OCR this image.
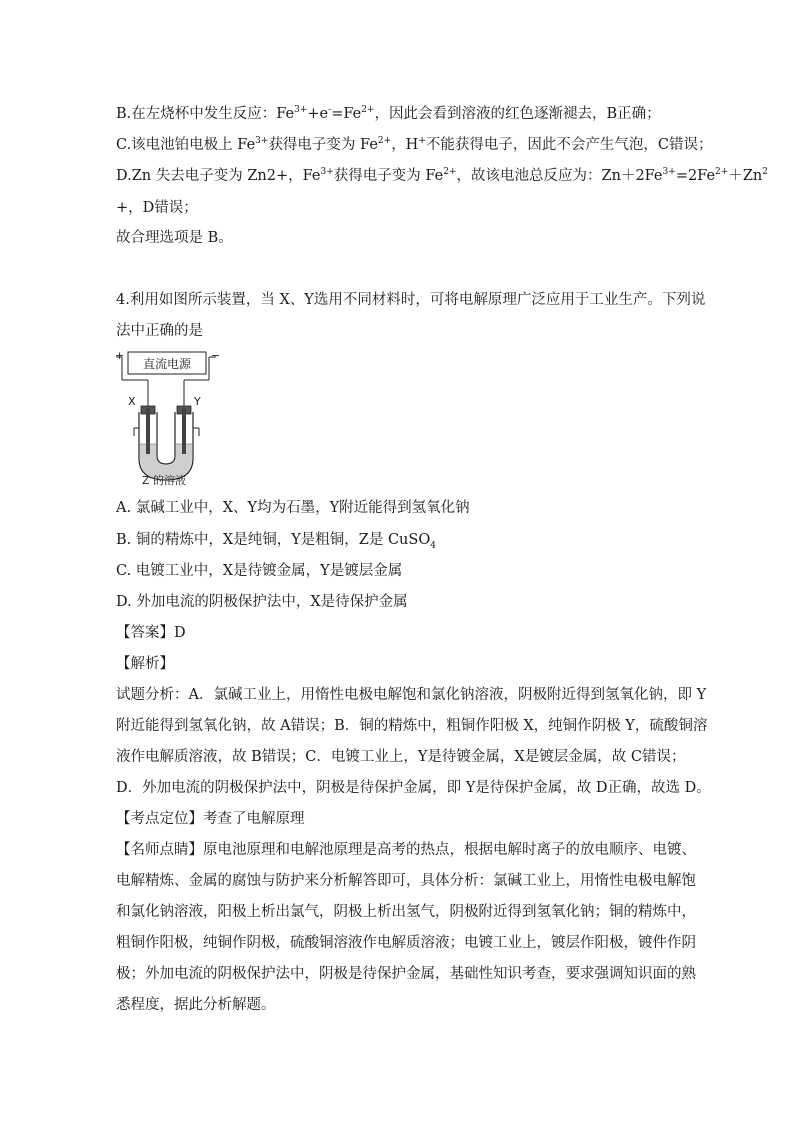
B.在左烧杯中发生反应：$Fe^{3+}+e^-=Fe^{2+}$，因此会看到溶液的红色逐渐褪去，B正确；
C.该电池铂电极上 $Fe^{3+}$获得电子变为 $Fe^{2+}$，H+不能获得电子，因此不会产生气泡，C错误；
D.Zn 失去电子变为 Zn2+，$Fe^{3+}$获得电子变为 $Fe^{2+}$，故该电池总反应为：$Zn+2Fe^{3+}=2Fe^{2+}+Zn^2$
+，D错误；
故合理选项是 B。
4.利用如图所示装置，当 X、Y选用不同材料时，可将电解原理广泛应用于工业生产。下列说
法中正确的是
直流电源
+	−
X	Y
Z 的溶液
A. 氯碱工业中，X、Y均为石墨，Y附近能得到氢氧化钠
B. 铜的精炼中，X是纯铜，Y是粗铜，Z是 CuSO$_4$
C. 电镀工业中，X是待镀金属，Y是镀层金属
D. 外加电流的阴极保护法中，X是待保护金属
【答案】D
【解析】
试题分析：A．氯碱工业上，用惰性电极电解饱和氯化钠溶液，阴极附近得到氢氧化钠，即 Y
附近能得到氢氧化钠，故 A错误；B．铜的精炼中，粗铜作阳极 X，纯铜作阴极 Y，硫酸铜溶
液作电解质溶液，故 B错误；C．电镀工业上，Y是待镀金属，X是镀层金属，故 C错误；
D．外加电流的阴极保护法中，阴极是待保护金属，即 Y是待保护金属，故 D正确，故选 D。
【考点定位】考查了电解原理
【名师点睛】原电池原理和电解池原理是高考的热点，根据电解时离子的放电顺序、电镀、
电解精炼、金属的腐蚀与防护来分析解答即可，具体分析：氯碱工业上，用惰性电极电解饱
和氯化钠溶液，阳极上析出氯气，阴极上析出氢气，阴极附近得到氢氧化钠；铜的精炼中，
粗铜作阳极，纯铜作阴极，硫酸铜溶液作电解质溶液；电镀工业上，镀层作阳极，镀件作阴
极；外加电流的阴极保护法中，阴极是待保护金属，基础性知识考查，要求强调知识面的熟
悉程度，据此分析解题。
